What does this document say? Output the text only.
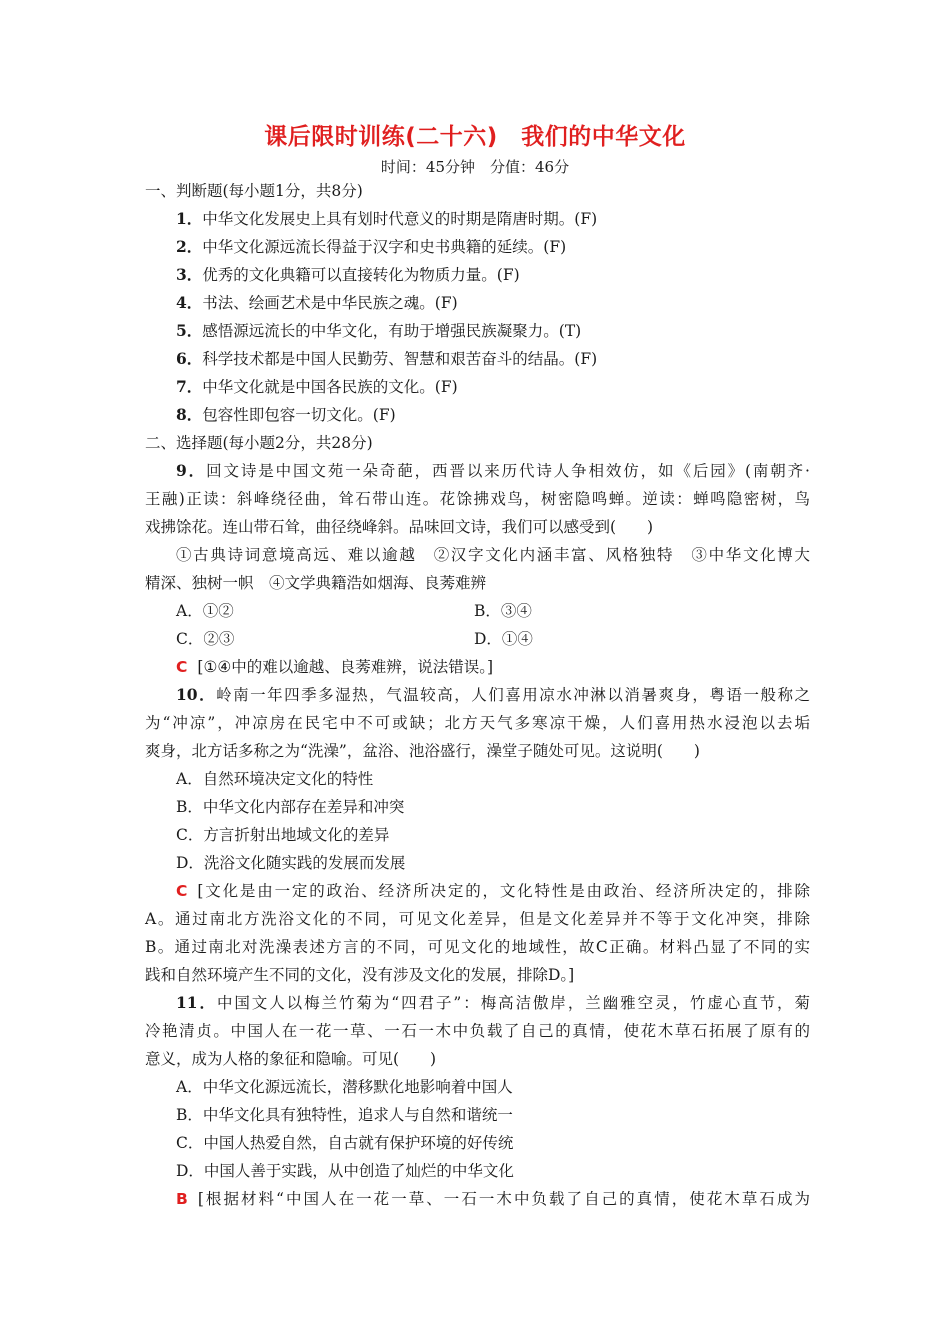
课后限时训练(二十六)　我们的中华文化
时间：45分钟　分值：46分
一、判断题(每小题1分，共8分)
1．中华文化发展史上具有划时代意义的时期是隋唐时期。(F)
2．中华文化源远流长得益于汉字和史书典籍的延续。(F)
3．优秀的文化典籍可以直接转化为物质力量。(F)
4．书法、绘画艺术是中华民族之魂。(F)
5．感悟源远流长的中华文化，有助于增强民族凝聚力。(T)
6．科学技术都是中国人民勤劳、智慧和艰苦奋斗的结晶。(F)
7．中华文化就是中国各民族的文化。(F)
8．包容性即包容一切文化。(F)
二、选择题(每小题2分，共28分)
9．回文诗是中国文苑一朵奇葩，西晋以来历代诗人争相效仿，如《后园》(南朝齐·
王融)正读：斜峰绕径曲，耸石带山连。花馀拂戏鸟，树密隐鸣蝉。逆读：蝉鸣隐密树，鸟
戏拂馀花。连山带石耸，曲径绕峰斜。品味回文诗，我们可以感受到(　　)
①古典诗词意境高远、难以逾越　②汉字文化内涵丰富、风格独特　③中华文化博大
精深、独树一帜　④文学典籍浩如烟海、良莠难辨
A．①②	B．③④
C．②③	D．①④
C [①④中的难以逾越、良莠难辨，说法错误。]
10．岭南一年四季多湿热，气温较高，人们喜用凉水冲淋以消暑爽身，粤语一般称之
为“冲凉”，冲凉房在民宅中不可或缺；北方天气多寒凉干燥，人们喜用热水浸泡以去垢
爽身，北方话多称之为“洗澡”，盆浴、池浴盛行，澡堂子随处可见。这说明(　　)
A．自然环境决定文化的特性
B．中华文化内部存在差异和冲突
C．方言折射出地域文化的差异
D．洗浴文化随实践的发展而发展
C [文化是由一定的政治、经济所决定的，文化特性是由政治、经济所决定的，排除
A。通过南北方洗浴文化的不同，可见文化差异，但是文化差异并不等于文化冲突，排除
B。通过南北对洗澡表述方言的不同，可见文化的地域性，故C正确。材料凸显了不同的实
践和自然环境产生不同的文化，没有涉及文化的发展，排除D。]
11．中国文人以梅兰竹菊为“四君子”：梅高洁傲岸，兰幽雅空灵，竹虚心直节，菊
冷艳清贞。中国人在一花一草、一石一木中负载了自己的真情，使花木草石拓展了原有的
意义，成为人格的象征和隐喻。可见(　　)
A．中华文化源远流长，潜移默化地影响着中国人
B．中华文化具有独特性，追求人与自然和谐统一
C．中国人热爱自然，自古就有保护环境的好传统
D．中国人善于实践，从中创造了灿烂的中华文化
B [根据材料“中国人在一花一草、一石一木中负载了自己的真情，使花木草石成为
